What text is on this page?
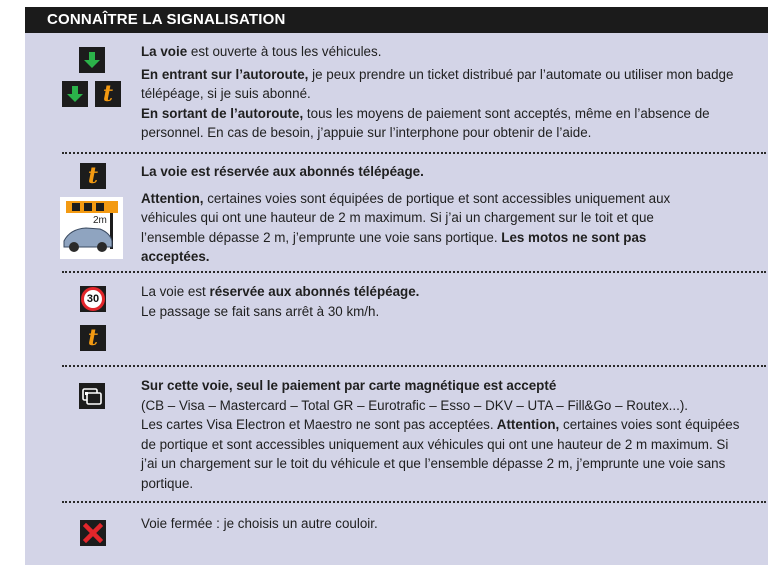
CONNAÎTRE LA SIGNALISATION
t
La voie est ouverte à tous les véhicules.
En entrant sur l’autoroute, je peux prendre un ticket distribué par l’automate ou utiliser mon badge télépéage, si je suis abonné.
En sortant de l’autoroute, tous les moyens de paiement sont acceptés, même en l’absence de personnel. En cas de besoin, j’appuie sur l’interphone pour obtenir de l’aide.
t
2m
La voie est réservée aux abonnés télépéage.
Attention, certaines voies sont équipées de portique et sont accessibles uniquement aux véhicules qui ont une hauteur de 2 m maximum. Si j’ai un chargement sur le toit et que l’ensemble dépasse 2 m, j’emprunte une voie sans portique. Les motos ne sont pas acceptées.
30
t
La voie est réservée aux abonnés télépéage.
Le passage se fait sans arrêt à 30 km/h.
Sur cette voie, seul le paiement par carte magnétique est accepté
(CB – Visa – Mastercard – Total GR – Eurotrafic – Esso – DKV – UTA – Fill&Go – Routex...).
Les cartes Visa Electron et Maestro ne sont pas acceptées. Attention, certaines voies sont équipées de portique et sont accessibles uniquement aux véhicules qui ont une hauteur de 2 m maximum. Si j’ai un chargement sur le toit du véhicule et que l’ensemble dépasse 2 m, j’emprunte une voie sans portique.
Voie fermée : je choisis un autre couloir.
